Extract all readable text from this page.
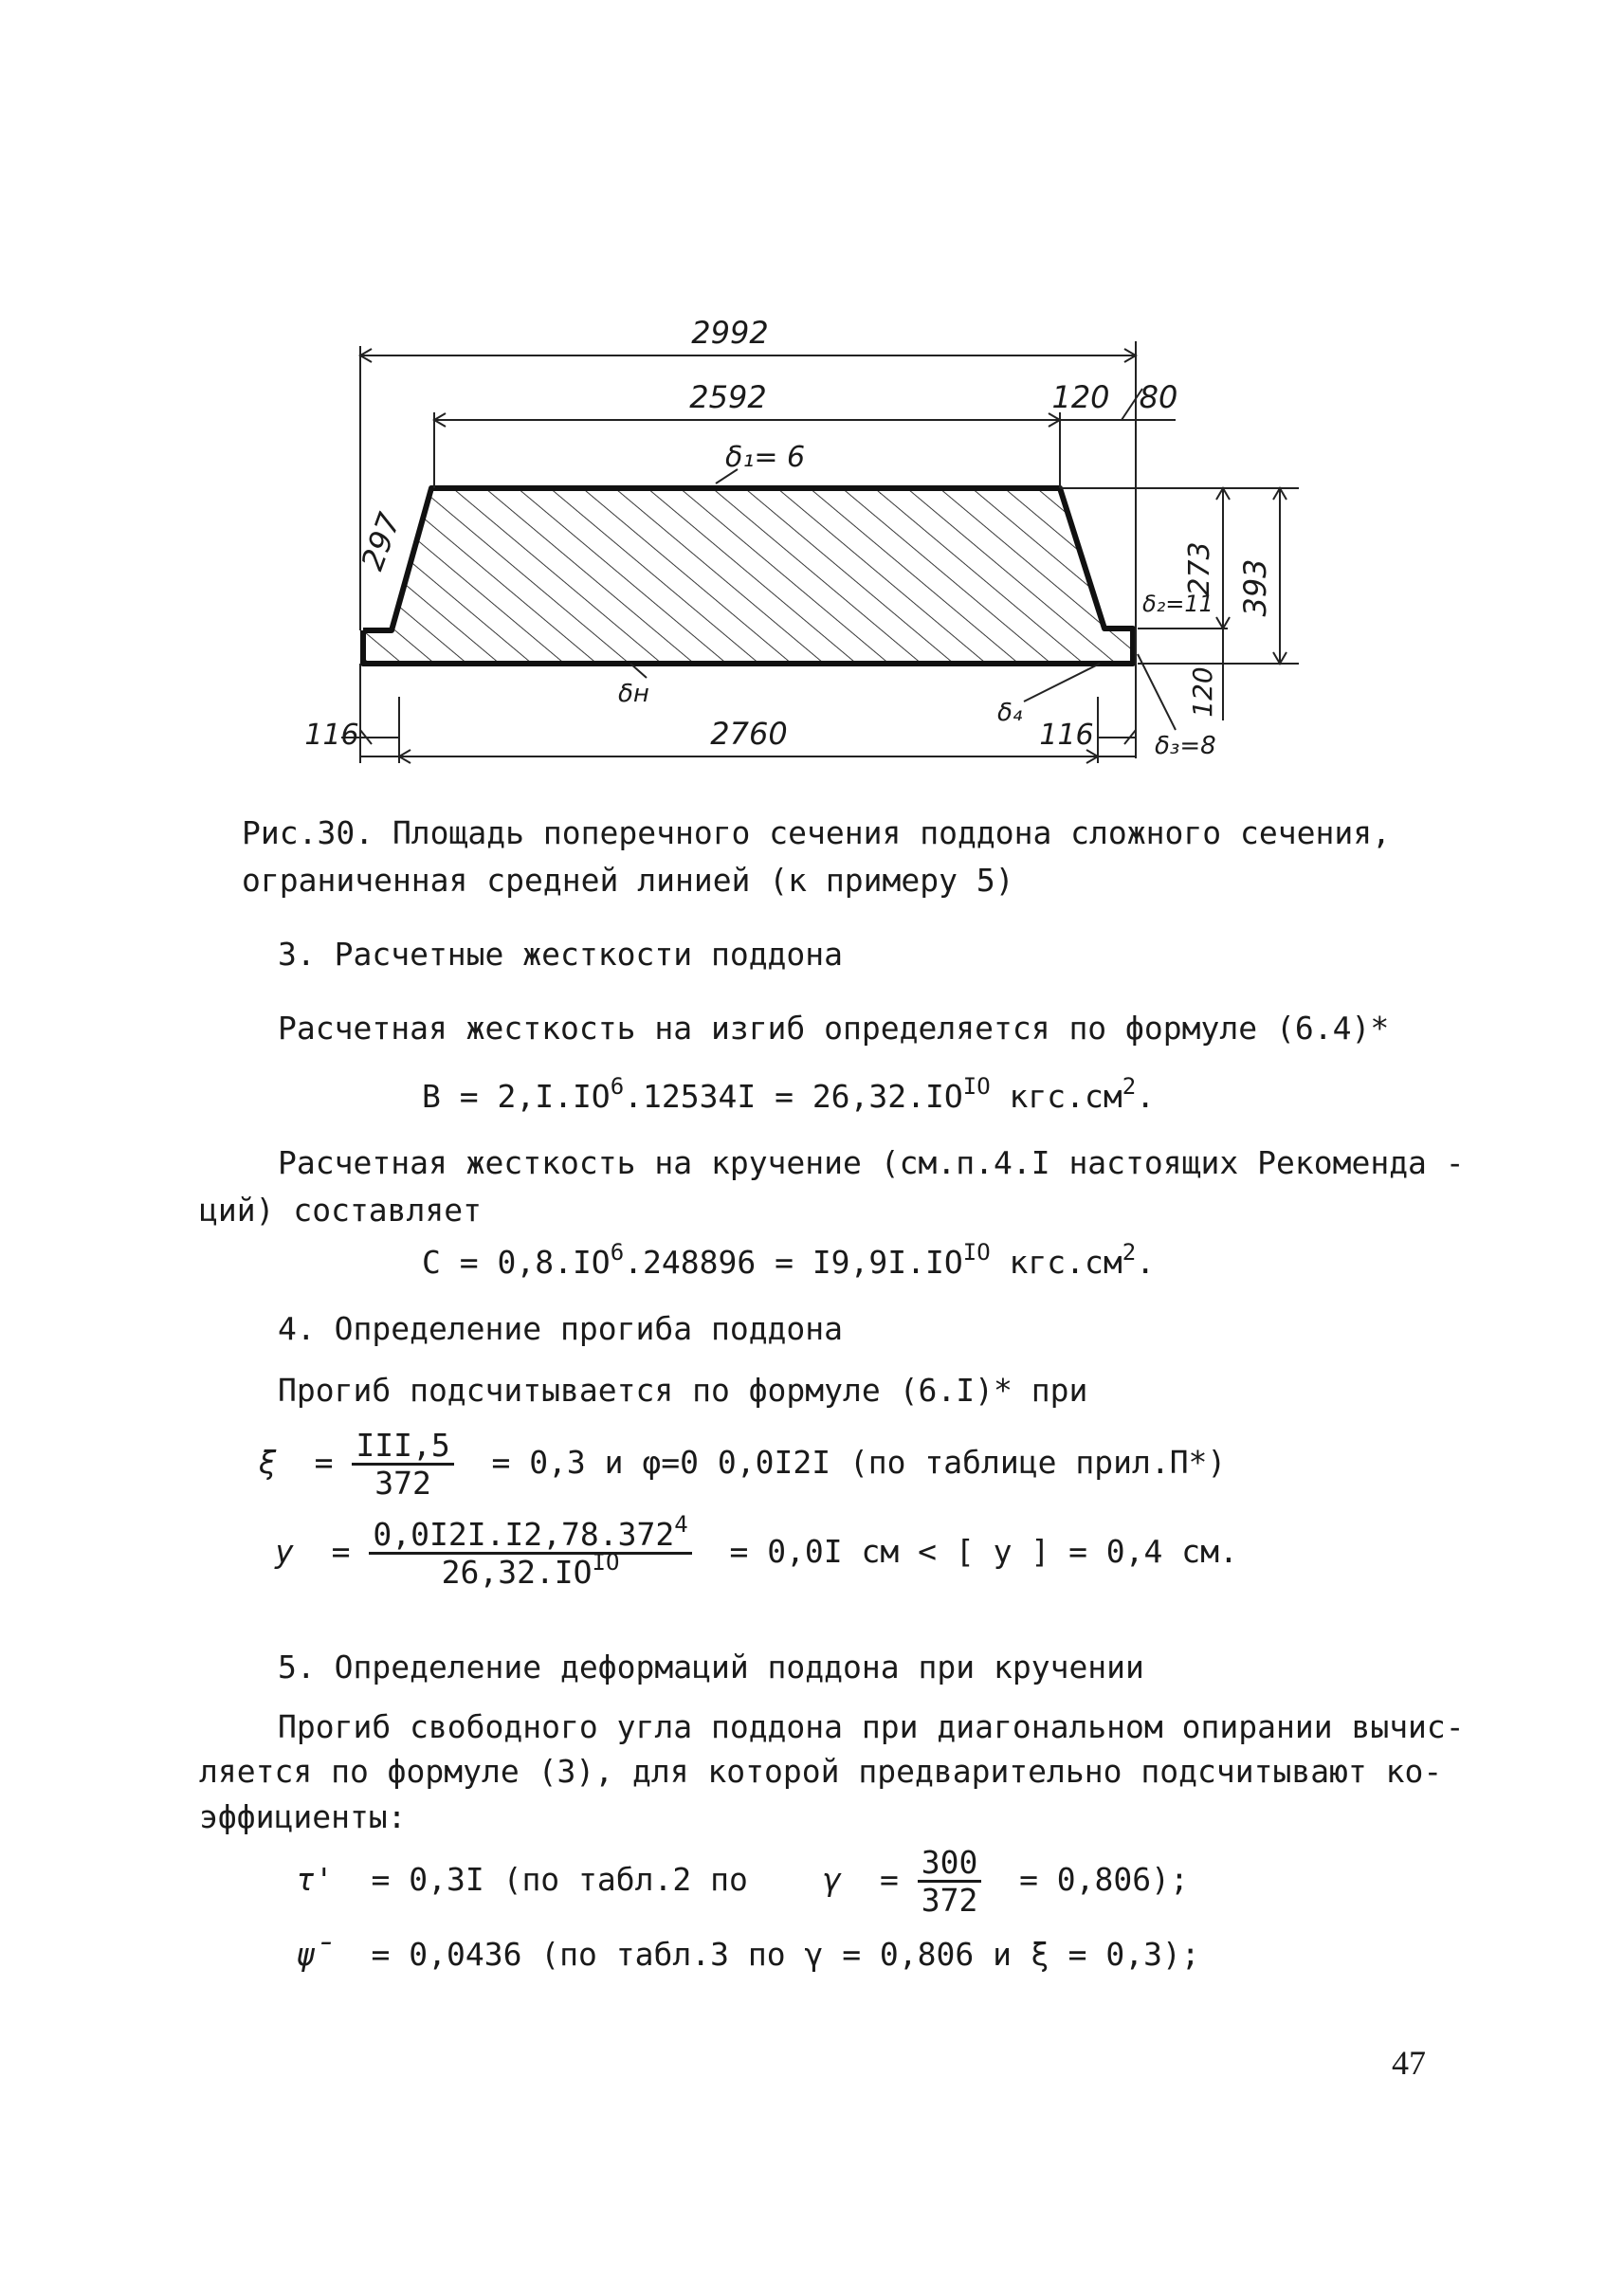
2992
2592	120 80
δ₁= 6
297	273 393
120
δ₂=11
δ₃=8
116	2760	116
δн
δ₄
Рис.30. Площадь поперечного сечения поддона сложного сечения,
ограниченная средней линией (к примеру 5)
3. Расчетные жесткости поддона
Расчетная жесткость на изгиб определяется по формуле (6.4)*
$B = 2,I.IO^6.12534I = 26,32.IO^{IO}$ $кгс.см^2$.
Расчетная жесткость на кручение (см.п.4.I настоящих Рекоменда -
ций) составляет
$C = 0,8.IO^6.248896 = I9,9I.IO^{IO}$ $кгс.см^2$.
4. Определение прогиба поддона
Прогиб подсчитывается по формуле (6.I)* при
$\xi = \frac{\text{III,5}}{372} = 0,3$ и φ=0 0,0I2I (по таблице прил.П*)
$y = \frac{0,0I2I.I2,78.372^4}{26,32.IO^{IO}} = 0,0I$ см < [ y ] = 0,4 см.
5. Определение деформаций поддона при кручении
Прогиб свободного угла поддона при диагональном опирании вычис-
ляется по формуле (3), для которой предварительно подсчитывают ко-
эффициенты:
τ' = 0,3I (по табл.2 по $\gamma = \frac{300}{372} = 0,806$);
ψ̄ = 0,0436 (по табл.3 по γ = 0,806 и ξ = 0,3);
47
